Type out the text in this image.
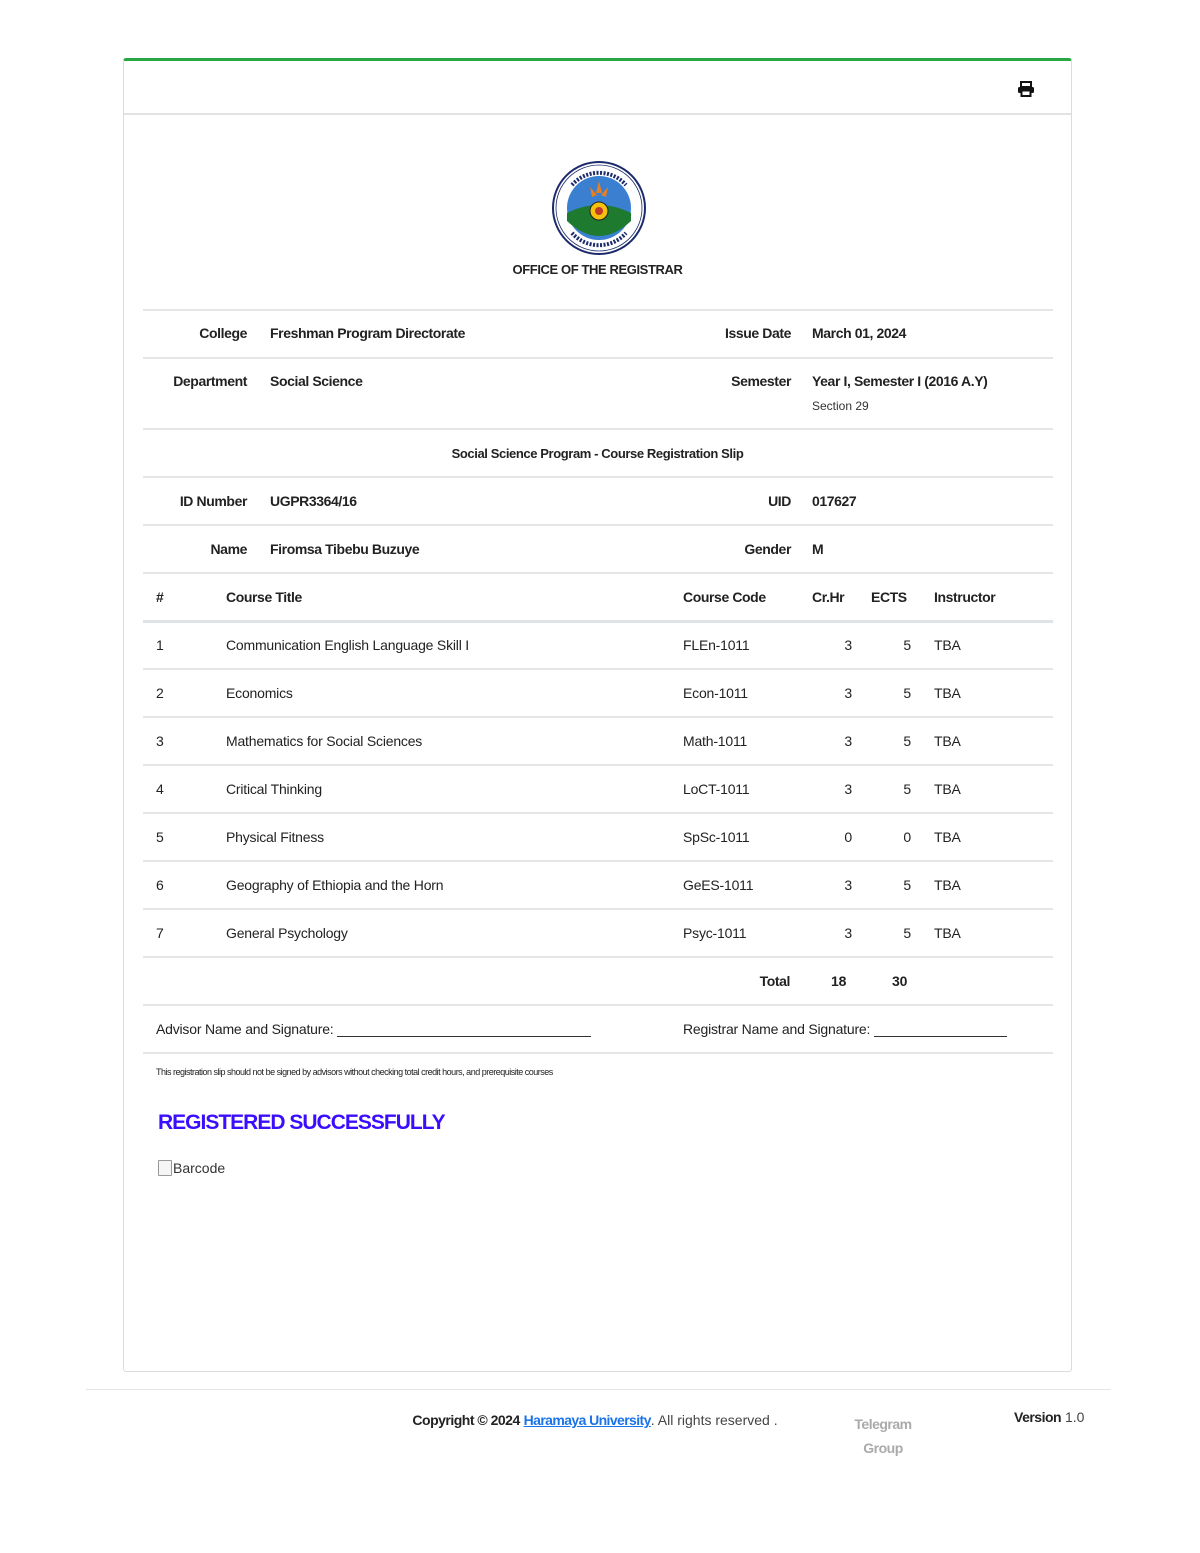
OFFICE OF THE REGISTRAR
College Freshman Program Directorate	Issue Date March 01, 2024
Department Social Science	Semester Year I, Semester I (2016 A.Y)
Section 29
Social Science Program - Course Registration Slip
ID Number UGPR3364/16	UID 017627
Name Firomsa Tibebu Buzuye	Gender M
#	Course Title	Course Code	Cr.Hr ECTS Instructor
1	Communication English Language Skill I	FLEn-1011	3	5 TBA
2	Economics	Econ-1011	3	5 TBA
3	Mathematics for Social Sciences	Math-1011	3	5 TBA
4	Critical Thinking	LoCT-1011	3	5 TBA
5	Physical Fitness	SpSc-1011	0	0 TBA
6	Geography of Ethiopia and the Horn	GeES-1011	3	5 TBA
7	General Psychology	Psyc-1011	3	5 TBA
Total	18	30
Advisor Name and Signature:	Registrar Name and Signature:
This registration slip should not be signed by advisors without checking total credit hours, and prerequisite courses
REGISTERED SUCCESSFULLY
Barcode
Copyright © 2024 Haramaya University. All rights reserved .	Telegram Group
Version 1.0
